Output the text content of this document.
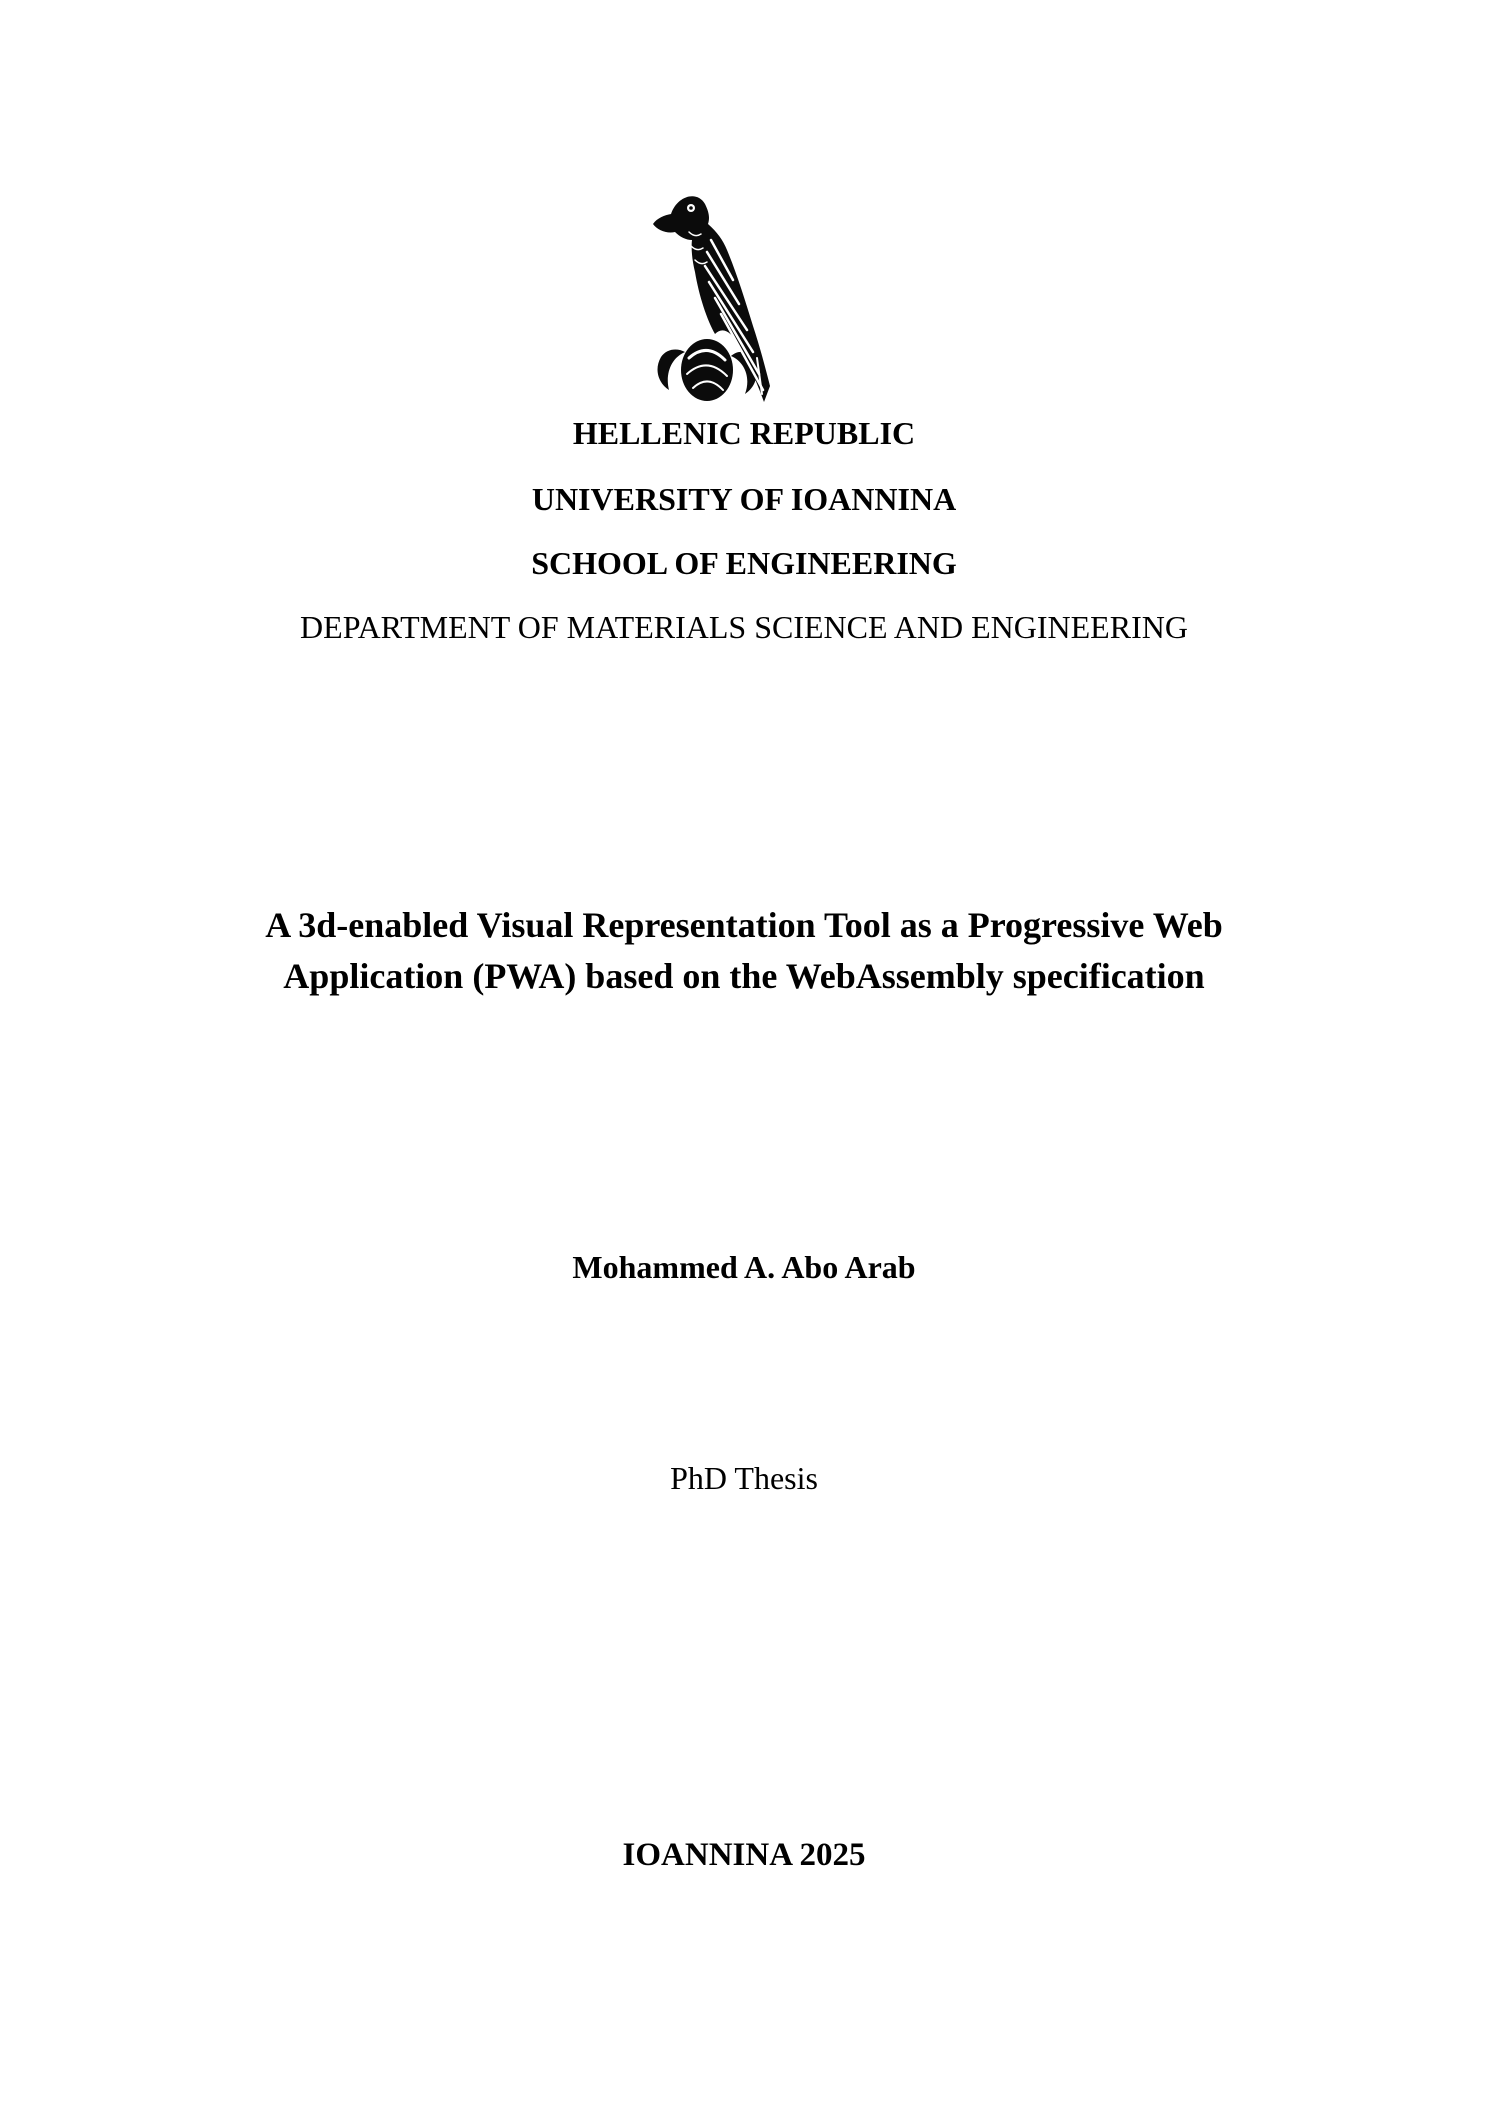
HELLENIC REPUBLIC
UNIVERSITY OF IOANNINA
SCHOOL OF ENGINEERING
DEPARTMENT OF MATERIALS SCIENCE AND ENGINEERING
A 3d-enabled Visual Representation Tool as a Progressive Web
Application (PWA) based on the WebAssembly specification
Mohammed A. Abo Arab
PhD Thesis
IOANNINA 2025
